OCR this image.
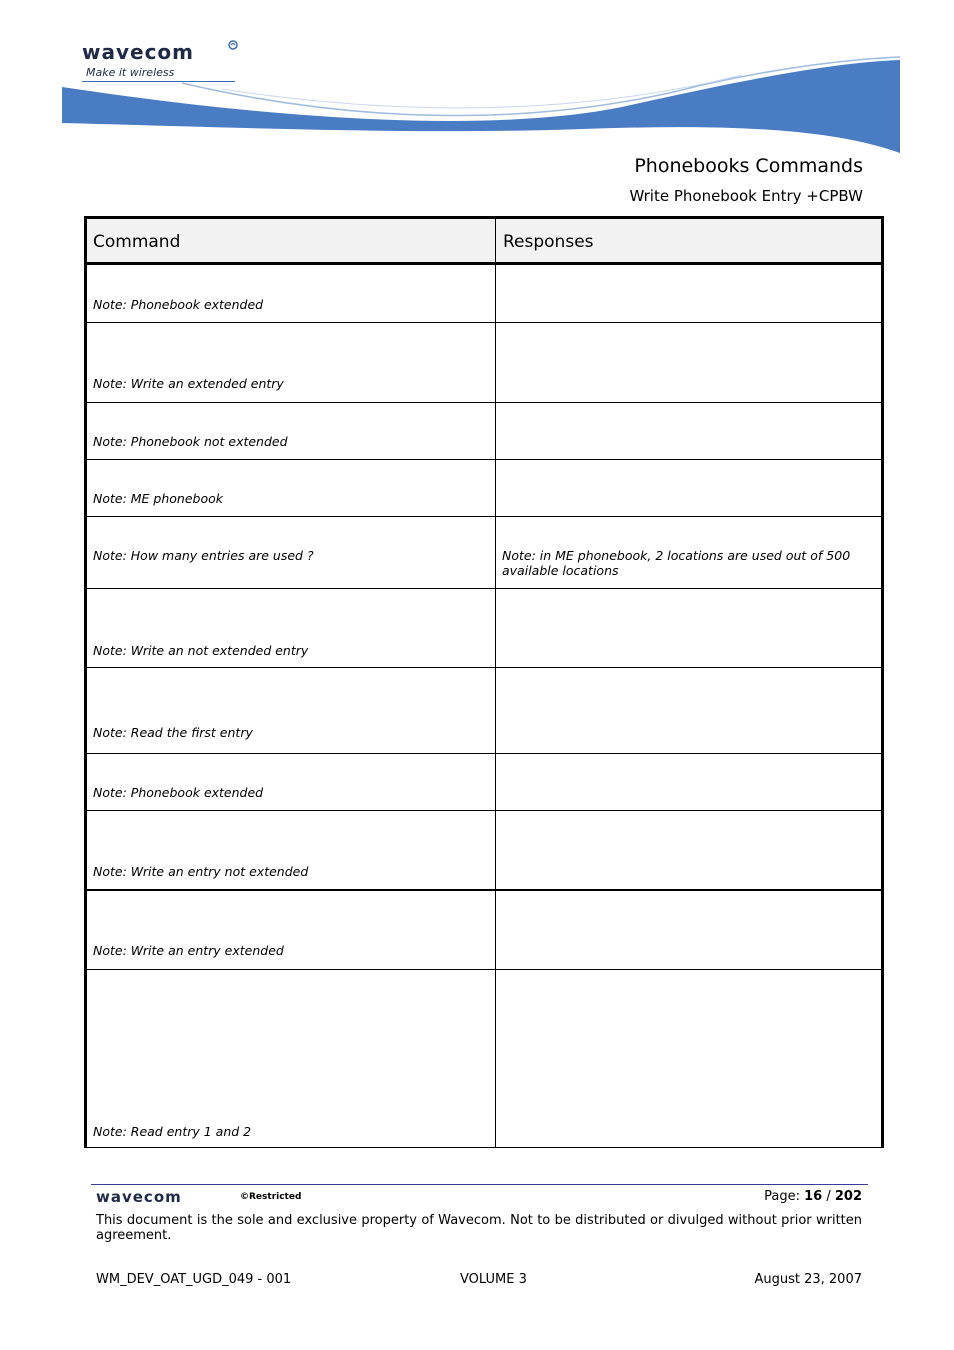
wavecom
Make it wireless
Phonebooks Commands
Write Phonebook Entry +CPBW
Command	Responses
Note: Phonebook extended
Note: Write an extended entry
Note: Phonebook not extended
Note: ME phonebook
Note: How many entries are used ?	Note: in ME phonebook, 2 locations are used out of 500 available locations
Note: Write an not extended entry
Note: Read the first entry
Note: Phonebook extended
Note: Write an entry not extended
Note: Write an entry extended
Note: Read entry 1 and 2
wavecom	©Restricted	Page: 16 / 202
This document is the sole and exclusive property of Wavecom. Not to be distributed or divulged without prior written agreement.
WM_DEV_OAT_UGD_049 - 001	VOLUME 3	August 23, 2007
